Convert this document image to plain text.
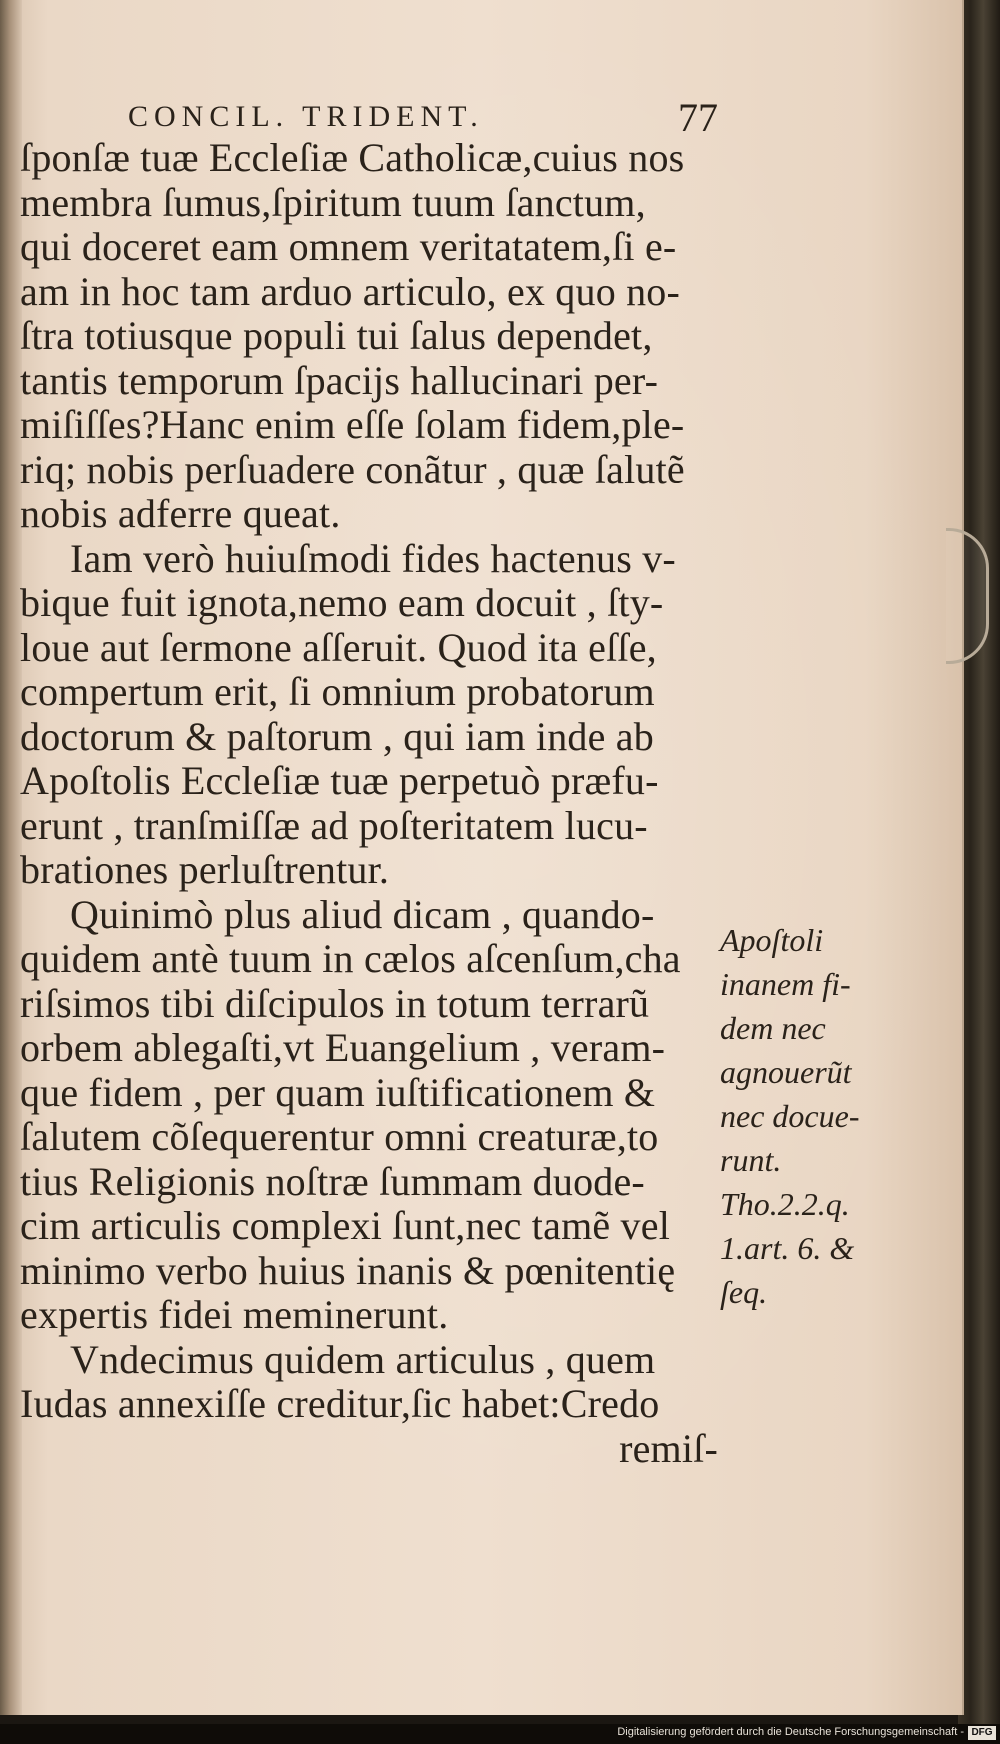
CONCIL. TRIDENT.	77
ſponſæ tuæ Eccleſiæ Catholicæ,cuius nos
membra ſumus,ſpiritum tuum ſanctum,
qui doceret eam omnem veritatatem,ſi e-
am in hoc tam arduo articulo, ex quo no-
ſtra totiusque populi tui ſalus dependet,
tantis temporum ſpacijs hallucinari per-
miſiſſes?Hanc enim eſſe ſolam fidem,ple-
riq; nobis perſuadere conãtur , quæ ſalutẽ
nobis adferre queat.
Iam verò huiuſmodi fides hactenus v-
bique fuit ignota,nemo eam docuit , ſty-
loue aut ſermone aſſeruit. Quod ita eſſe,
compertum erit, ſi omnium probatorum
doctorum & paſtorum , qui iam inde ab
Apoſtolis Eccleſiæ tuæ perpetuò præfu-
erunt , tranſmiſſæ ad poſteritatem lucu-
brationes perluſtrentur.
Quinimò plus aliud dicam , quando-
quidem antè tuum in cælos aſcenſum,cha
riſsimos tibi diſcipulos in totum terrarũ
orbem ablegaſti,vt Euangelium , veram-
que fidem , per quam iuſtificationem &
ſalutem cõſequerentur omni creaturæ,to
tius Religionis noſtræ ſummam duode-
cim articulis complexi ſunt,nec tamẽ vel
minimo verbo huius inanis & pœnitentię
expertis fidei meminerunt.
Vndecimus quidem articulus , quem
Iudas annexiſſe creditur,ſic habet:Credo
remiſ-
Apoſtoli
inanem fi-
dem nec
agnouerũt
nec docue-
runt.
Tho.2.2.q.
1.art. 6. &
ſeq.
Digitalisierung gefördert durch die Deutsche Forschungsgemeinschaft - DFG
